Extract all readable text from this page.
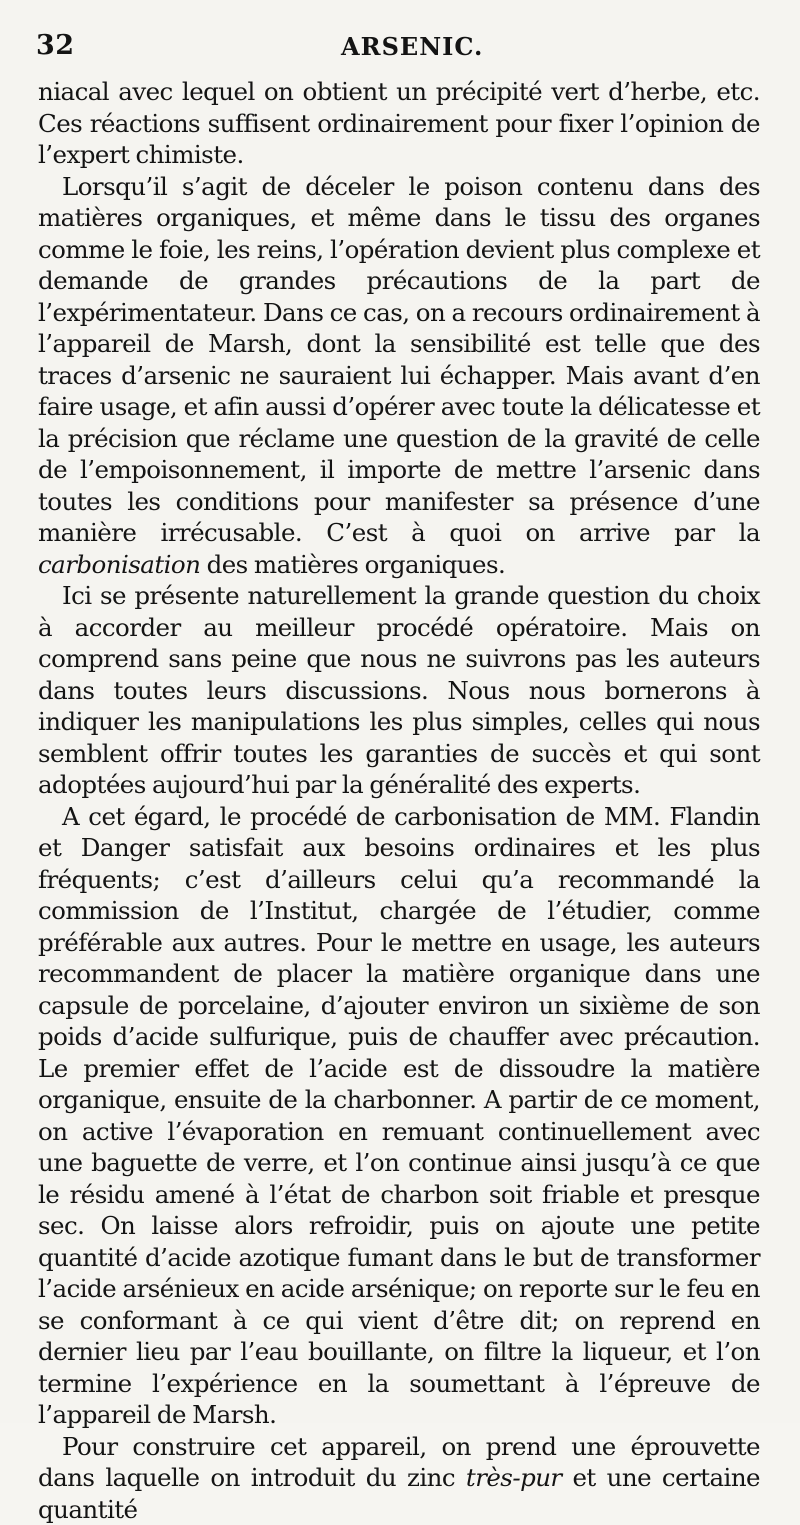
32	ARSENIC.

niacal avec lequel on obtient un précipité vert d’herbe, etc. Ces réactions suffisent ordinairement pour fixer l’opinion de l’expert chimiste.

Lorsqu’il s’agit de déceler le poison contenu dans des matières organiques, et même dans le tissu des organes comme le foie, les reins, l’opération devient plus complexe et demande de grandes précautions de la part de l’expérimentateur. Dans ce cas, on a recours ordinairement à l’appareil de Marsh, dont la sensibilité est telle que des traces d’arsenic ne sauraient lui échapper. Mais avant d’en faire usage, et afin aussi d’opérer avec toute la délicatesse et la précision que réclame une question de la gravité de celle de l’empoisonnement, il importe de mettre l’arsenic dans toutes les conditions pour manifester sa présence d’une manière irrécusable. C’est à quoi on arrive par la carbonisation des matières organiques.

Ici se présente naturellement la grande question du choix à accorder au meilleur procédé opératoire. Mais on comprend sans peine que nous ne suivrons pas les auteurs dans toutes leurs discussions. Nous nous bornerons à indiquer les manipulations les plus simples, celles qui nous semblent offrir toutes les garanties de succès et qui sont adoptées aujourd’hui par la généralité des experts.

A cet égard, le procédé de carbonisation de MM. Flandin et Danger satisfait aux besoins ordinaires et les plus fréquents; c’est d’ailleurs celui qu’a recommandé la commission de l’Institut, chargée de l’étudier, comme préférable aux autres. Pour le mettre en usage, les auteurs recommandent de placer la matière organique dans une capsule de porcelaine, d’ajouter environ un sixième de son poids d’acide sulfurique, puis de chauffer avec précaution. Le premier effet de l’acide est de dissoudre la matière organique, ensuite de la charbonner. A partir de ce moment, on active l’évaporation en remuant continuellement avec une baguette de verre, et l’on continue ainsi jusqu’à ce que le résidu amené à l’état de charbon soit friable et presque sec. On laisse alors refroidir, puis on ajoute une petite quantité d’acide azotique fumant dans le but de transformer l’acide arsénieux en acide arsénique; on reporte sur le feu en se conformant à ce qui vient d’être dit; on reprend en dernier lieu par l’eau bouillante, on filtre la liqueur, et l’on termine l’expérience en la soumettant à l’épreuve de l’appareil de Marsh.

Pour construire cet appareil, on prend une éprouvette dans laquelle on introduit du zinc très-pur et une certaine quantité
